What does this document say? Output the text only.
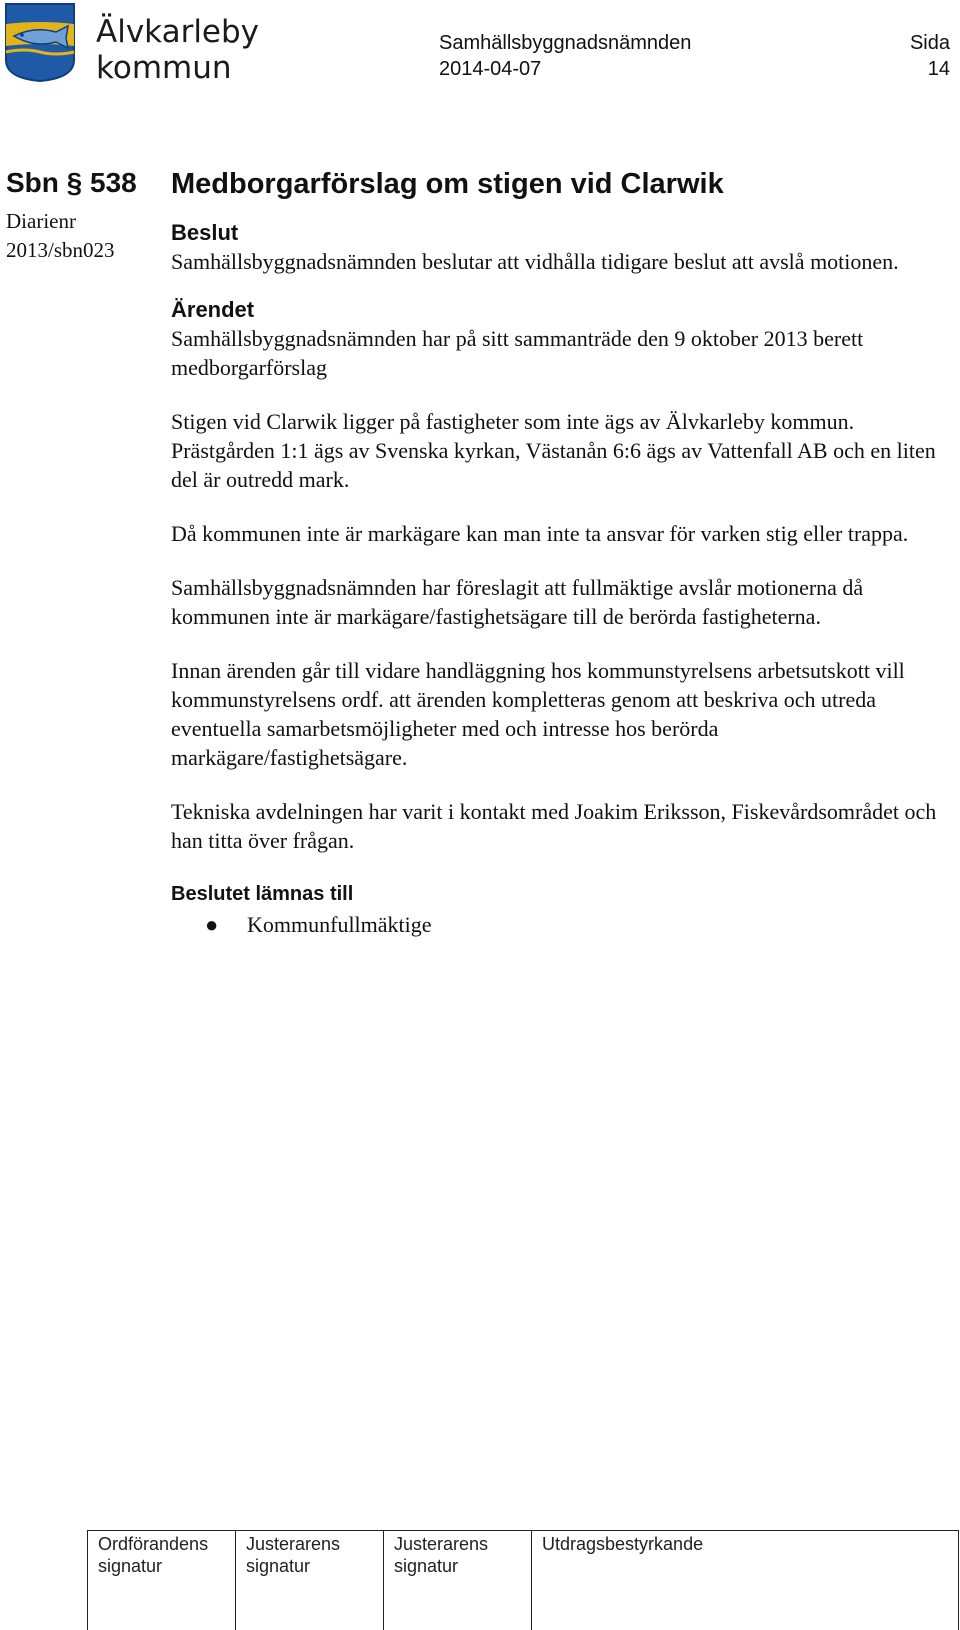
Älvkarleby
kommun
Samhällsbyggnadsnämnden
2014-04-07
Sida
14
Sbn § 538
Diarienr
2013/sbn023
Medborgarförslag om stigen vid Clarwik
Beslut

Samhällsbyggnadsnämnden beslutar att vidhålla tidigare beslut att avslå motionen.

Ärendet

Samhällsbyggnadsnämnden har på sitt sammanträde den 9 oktober 2013 berett medborgarförslag

Stigen vid Clarwik ligger på fastigheter som inte ägs av Älvkarleby kommun. Prästgården 1:1 ägs av Svenska kyrkan, Västanån 6:6 ägs av Vattenfall AB och en liten del är outredd mark.

Då kommunen inte är markägare kan man inte ta ansvar för varken stig eller trappa.

Samhällsbyggnadsnämnden har föreslagit att fullmäktige avslår motionerna då kommunen inte är markägare/fastighetsägare till de berörda fastigheterna.

Innan ärenden går till vidare handläggning hos kommunstyrelsens arbetsutskott vill kommunstyrelsens ordf. att ärenden kompletteras genom att beskriva och utreda eventuella samarbetsmöjligheter med och intresse hos berörda markägare/fastighetsägare.

Tekniska avdelningen har varit i kontakt med Joakim Eriksson, Fiskevårdsområdet och han titta över frågan.

Beslutet lämnas till
●	Kommunfullmäktige
Ordförandens
signatur
Justerarens
signatur
Justerarens
signatur
Utdragsbestyrkande
